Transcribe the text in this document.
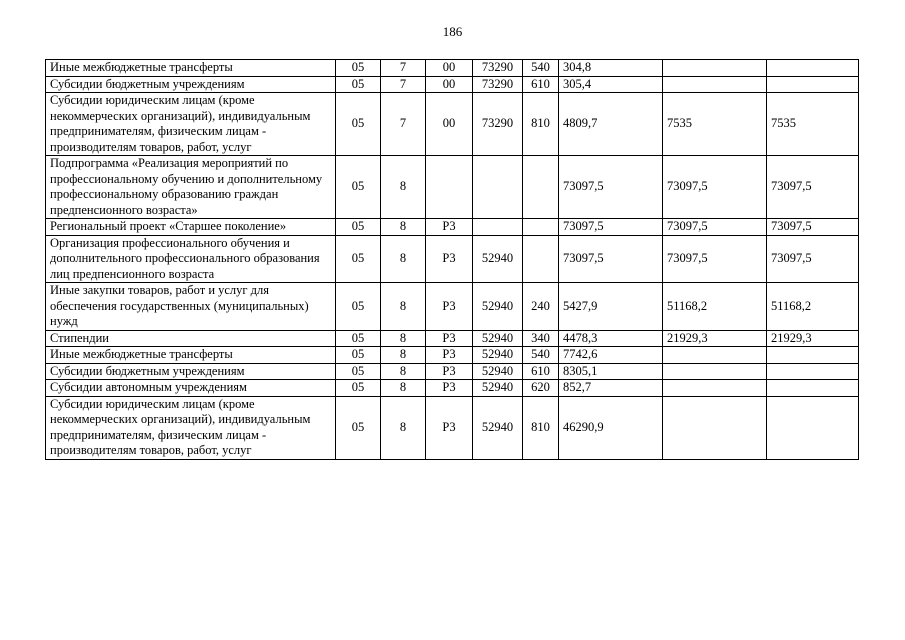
186
Иные межбюджетные трансферты	05	7	00	73290	540	304,8		
Субсидии бюджетным учреждениям	05	7	00	73290	610	305,4		
Субсидии юридическим лицам (кроме некоммерческих организаций), индивидуальным предпринимателям, физическим лицам - производителям товаров, работ, услуг	05	7	00	73290	810	4809,7	7535	7535
Подпрограмма «Реализация мероприятий по профессиональному обучению и дополнительному профессиональному образованию граждан предпенсионного возраста»	05	8				73097,5	73097,5	73097,5
Региональный проект «Старшее поколение»	05	8	P3			73097,5	73097,5	73097,5
Организация профессионального обучения и дополнительного профессионального образования лиц предпенсионного возраста	05	8	P3	52940		73097,5	73097,5	73097,5
Иные закупки товаров, работ и услуг для обеспечения государственных (муниципальных) нужд	05	8	P3	52940	240	5427,9	51168,2	51168,2
Стипендии	05	8	P3	52940	340	4478,3	21929,3	21929,3
Иные межбюджетные трансферты	05	8	P3	52940	540	7742,6		
Субсидии бюджетным учреждениям	05	8	P3	52940	610	8305,1		
Субсидии автономным учреждениям	05	8	P3	52940	620	852,7		
Субсидии юридическим лицам (кроме некоммерческих организаций), индивидуальным предпринимателям, физическим лицам - производителям товаров, работ, услуг	05	8	P3	52940	810	46290,9		
